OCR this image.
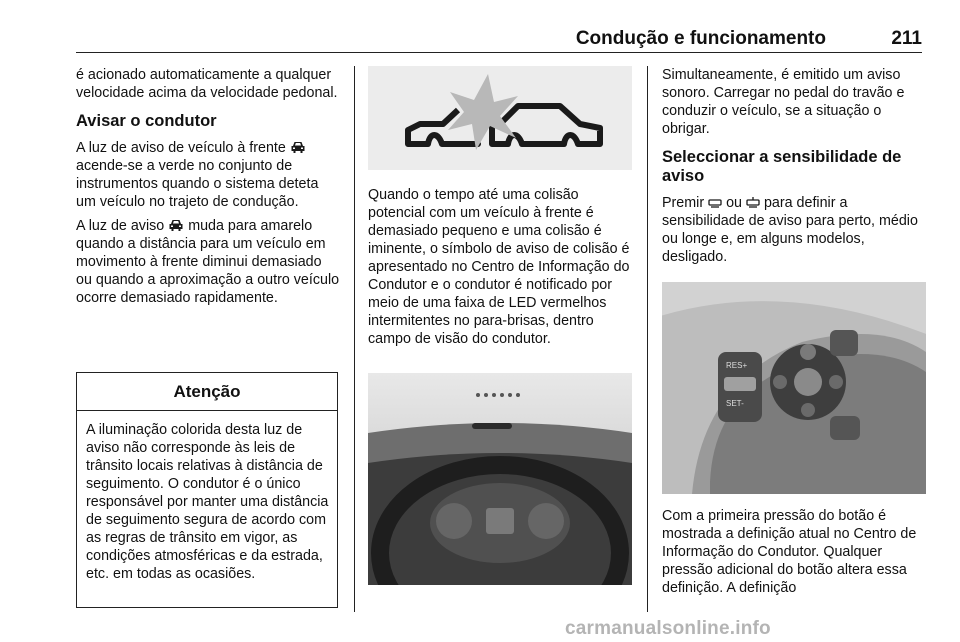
Condução e funcionamento	211

é acionado automaticamente a qualquer velocidade acima da velocidade pedonal.

Avisar o condutor

A luz de aviso de veículo à frente
acende-se a verde no conjunto de instrumentos quando o sistema deteta um veículo no trajeto de condução.

A luz de aviso muda para amarelo quando a distância para um veículo em movimento à frente diminui demasiado ou quando a aproximação a outro veículo ocorre demasiado rapidamente.

Atenção
A iluminação colorida desta luz de aviso não corresponde às leis de trânsito locais relativas à distância de seguimento. O condutor é o único responsável por manter uma distância de seguimento segura de acordo com as regras de trânsito em vigor, as condições atmosféricas e da estrada, etc. em todas as ocasiões.

Quando o tempo até uma colisão potencial com um veículo à frente é demasiado pequeno e uma colisão é iminente, o símbolo de aviso de colisão é apresentado no Centro de Informação do Condutor e o condutor é notificado por meio de uma faixa de LED vermelhos intermitentes no para-brisas, dentro campo de visão do condutor.

Simultaneamente, é emitido um aviso sonoro. Carregar no pedal do travão e conduzir o veículo, se a situação o obrigar.

Seleccionar a sensibilidade de aviso

Premir ou para definir a sensibilidade de aviso para perto, médio ou longe e, em alguns modelos, desligado.

RES+
SET-

Com a primeira pressão do botão é mostrada a definição atual no Centro de Informação do Condutor. Qualquer pressão adicional do botão altera essa definição. A definição

carmanualsonline.info
